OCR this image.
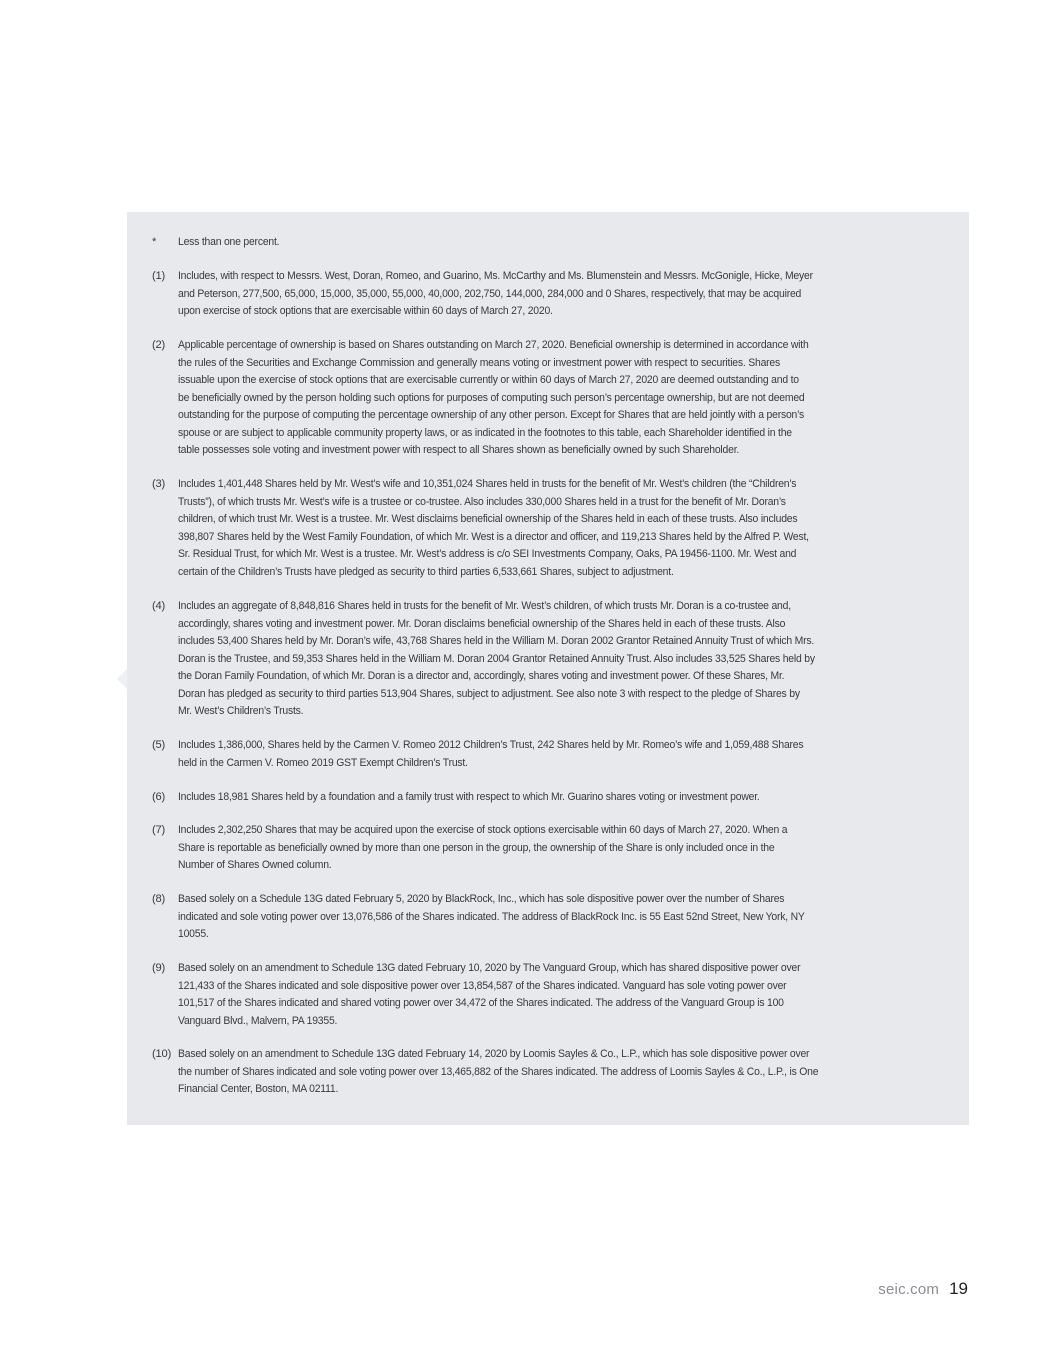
* Less than one percent.
(1) Includes, with respect to Messrs. West, Doran, Romeo, and Guarino, Ms. McCarthy and Ms. Blumenstein and Messrs. McGonigle, Hicke, Meyer
and Peterson, 277,500, 65,000, 15,000, 35,000, 55,000, 40,000, 202,750, 144,000, 284,000 and 0 Shares, respectively, that may be acquired
upon exercise of stock options that are exercisable within 60 days of March 27, 2020.
(2) Applicable percentage of ownership is based on Shares outstanding on March 27, 2020. Beneficial ownership is determined in accordance with
the rules of the Securities and Exchange Commission and generally means voting or investment power with respect to securities. Shares
issuable upon the exercise of stock options that are exercisable currently or within 60 days of March 27, 2020 are deemed outstanding and to
be beneficially owned by the person holding such options for purposes of computing such person’s percentage ownership, but are not deemed
outstanding for the purpose of computing the percentage ownership of any other person. Except for Shares that are held jointly with a person’s
spouse or are subject to applicable community property laws, or as indicated in the footnotes to this table, each Shareholder identified in the
table possesses sole voting and investment power with respect to all Shares shown as beneficially owned by such Shareholder.
(3) Includes 1,401,448 Shares held by Mr. West’s wife and 10,351,024 Shares held in trusts for the benefit of Mr. West’s children (the “Children’s
Trusts”), of which trusts Mr. West’s wife is a trustee or co-trustee. Also includes 330,000 Shares held in a trust for the benefit of Mr. Doran’s
children, of which trust Mr. West is a trustee. Mr. West disclaims beneficial ownership of the Shares held in each of these trusts. Also includes
398,807 Shares held by the West Family Foundation, of which Mr. West is a director and officer, and 119,213 Shares held by the Alfred P. West,
Sr. Residual Trust, for which Mr. West is a trustee. Mr. West’s address is c/o SEI Investments Company, Oaks, PA 19456-1100. Mr. West and
certain of the Children’s Trusts have pledged as security to third parties 6,533,661 Shares, subject to adjustment.
(4) Includes an aggregate of 8,848,816 Shares held in trusts for the benefit of Mr. West’s children, of which trusts Mr. Doran is a co-trustee and,
accordingly, shares voting and investment power. Mr. Doran disclaims beneficial ownership of the Shares held in each of these trusts. Also
includes 53,400 Shares held by Mr. Doran’s wife, 43,768 Shares held in the William M. Doran 2002 Grantor Retained Annuity Trust of which Mrs.
Doran is the Trustee, and 59,353 Shares held in the William M. Doran 2004 Grantor Retained Annuity Trust. Also includes 33,525 Shares held by
the Doran Family Foundation, of which Mr. Doran is a director and, accordingly, shares voting and investment power. Of these Shares, Mr.
Doran has pledged as security to third parties 513,904 Shares, subject to adjustment. See also note 3 with respect to the pledge of Shares by
Mr. West’s Children’s Trusts.
(5) Includes 1,386,000, Shares held by the Carmen V. Romeo 2012 Children’s Trust, 242 Shares held by Mr. Romeo’s wife and 1,059,488 Shares
held in the Carmen V. Romeo 2019 GST Exempt Children’s Trust.
(6) Includes 18,981 Shares held by a foundation and a family trust with respect to which Mr. Guarino shares voting or investment power.
(7) Includes 2,302,250 Shares that may be acquired upon the exercise of stock options exercisable within 60 days of March 27, 2020. When a
Share is reportable as beneficially owned by more than one person in the group, the ownership of the Share is only included once in the
Number of Shares Owned column.
(8) Based solely on a Schedule 13G dated February 5, 2020 by BlackRock, Inc., which has sole dispositive power over the number of Shares
indicated and sole voting power over 13,076,586 of the Shares indicated. The address of BlackRock Inc. is 55 East 52nd Street, New York, NY
10055.
(9) Based solely on an amendment to Schedule 13G dated February 10, 2020 by The Vanguard Group, which has shared dispositive power over
121,433 of the Shares indicated and sole dispositive power over 13,854,587 of the Shares indicated. Vanguard has sole voting power over
101,517 of the Shares indicated and shared voting power over 34,472 of the Shares indicated. The address of the Vanguard Group is 100
Vanguard Blvd., Malvern, PA 19355.
(10) Based solely on an amendment to Schedule 13G dated February 14, 2020 by Loomis Sayles & Co., L.P., which has sole dispositive power over
the number of Shares indicated and sole voting power over 13,465,882 of the Shares indicated. The address of Loomis Sayles & Co., L.P., is One
Financial Center, Boston, MA 02111.
seic.com 19
